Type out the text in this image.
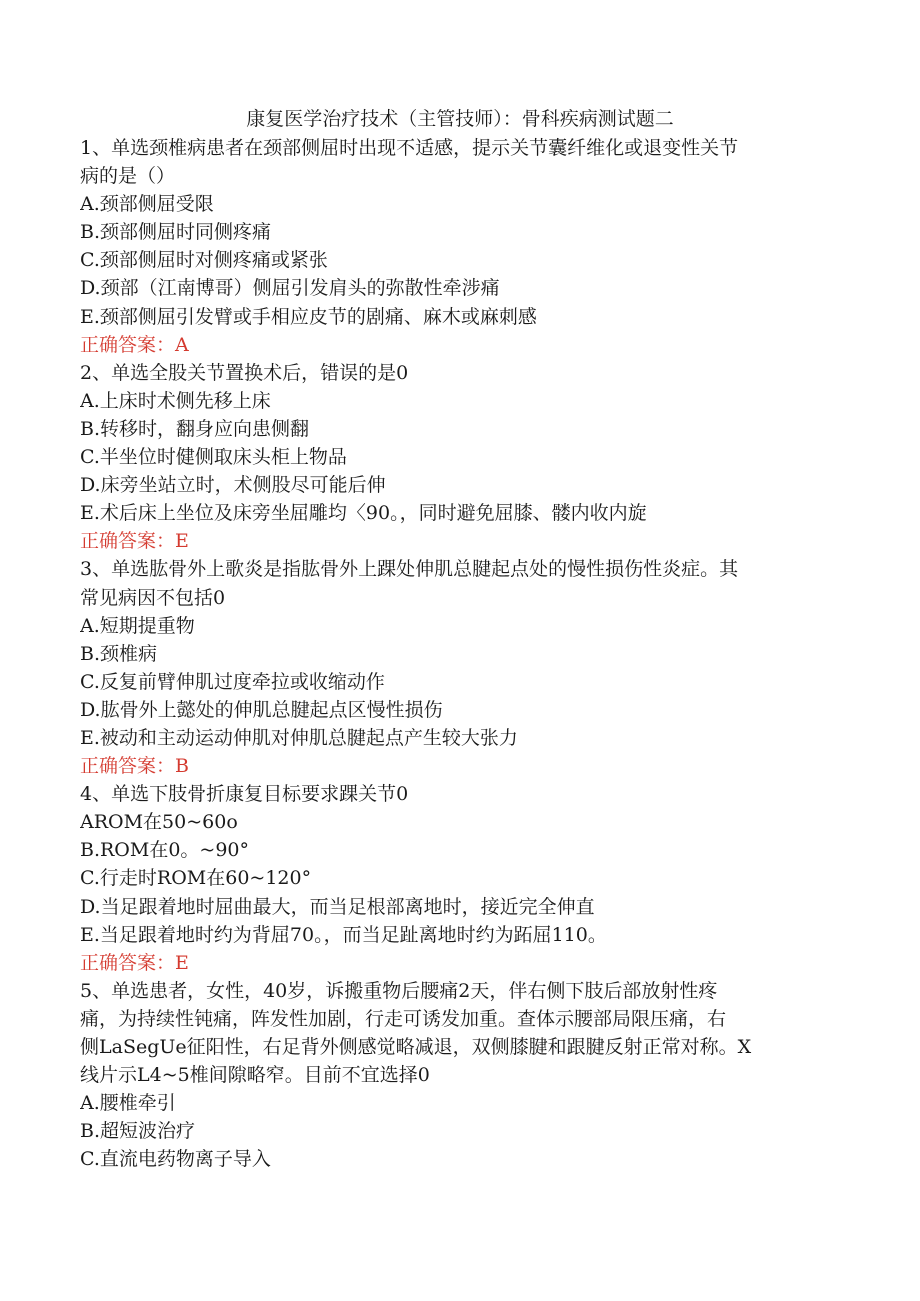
康复医学治疗技术（主管技师）：骨科疾病测试题二
1、单选颈椎病患者在颈部侧屈时出现不适感，提示关节囊纤维化或退变性关节
病的是（）
A.颈部侧屈受限
B.颈部侧屈时同侧疼痛
C.颈部侧屈时对侧疼痛或紧张
D.颈部（江南博哥）侧屈引发肩头的弥散性牵涉痛
E.颈部侧屈引发臂或手相应皮节的剧痛、麻木或麻刺感
正确答案：A
2、单选全股关节置换术后，错误的是0
A.上床时术侧先移上床
B.转移时，翻身应向患侧翻
C.半坐位时健侧取床头柜上物品
D.床旁坐站立时，术侧股尽可能后伸
E.术后床上坐位及床旁坐屈雕均〈90。，同时避免屈膝、髅内收内旋
正确答案：E
3、单选肱骨外上歌炎是指肱骨外上踝处伸肌总腱起点处的慢性损伤性炎症。其
常见病因不包括0
A.短期提重物
B.颈椎病
C.反复前臂伸肌过度牵拉或收缩动作
D.肱骨外上懿处的伸肌总腱起点区慢性损伤
E.被动和主动运动伸肌对伸肌总腱起点产生较大张力
正确答案：B
4、单选下肢骨折康复目标要求踝关节0
AROM在50~60o
B.ROM在0。~90°
C.行走时ROM在60~120°
D.当足跟着地时屈曲最大，而当足根部离地时，接近完全伸直
E.当足跟着地时约为背屈70。，而当足趾离地时约为跖屈110。
正确答案：E
5、单选患者，女性，40岁，诉搬重物后腰痛2天，伴右侧下肢后部放射性疼
痛，为持续性钝痛，阵发性加剧，行走可诱发加重。查体示腰部局限压痛，右
侧LaSegUe征阳性，右足背外侧感觉略减退，双侧膝腱和跟腱反射正常对称。X
线片示L4~5椎间隙略窄。目前不宜选择0
A.腰椎牵引
B.超短波治疗
C.直流电药物离子导入
